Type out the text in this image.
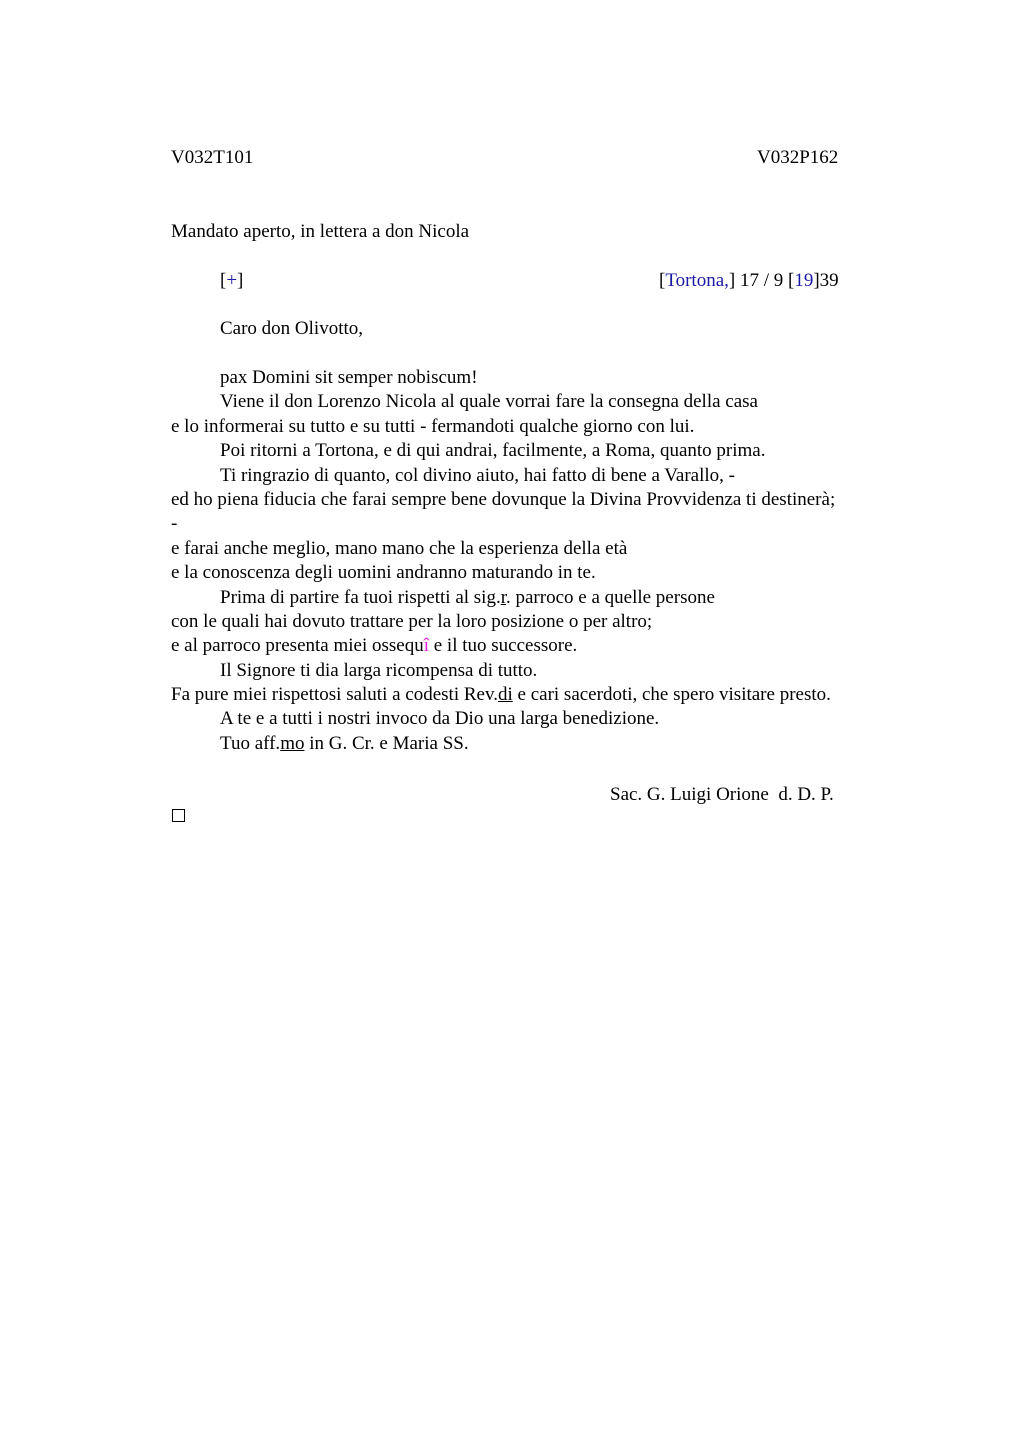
V032T101	V032P162
Mandato aperto, in lettera a don Nicola
[+]	[Tortona,] 17 / 9 [19]39
Caro don Olivotto,
pax Domini sit semper nobiscum!
Viene il don Lorenzo Nicola al quale vorrai fare la consegna della casa
e lo informerai su tutto e su tutti - fermandoti qualche giorno con lui.
Poi ritorni a Tortona, e di qui andrai, facilmente, a Roma, quanto prima.
Ti ringrazio di quanto, col divino aiuto, hai fatto di bene a Varallo, -
ed ho piena fiducia che farai sempre bene dovunque la Divina Provvidenza ti destinerà;
-
e farai anche meglio, mano mano che la esperienza della età
e la conoscenza degli uomini andranno maturando in te.
Prima di partire fa tuoi rispetti al sig.r. parroco e a quelle persone
con le quali hai dovuto trattare per la loro posizione o per altro;
e al parroco presenta miei ossequî e il tuo successore.
Il Signore ti dia larga ricompensa di tutto.
Fa pure miei rispettosi saluti a codesti Rev.di e cari sacerdoti, che spero visitare presto.
A te e a tutti i nostri invoco da Dio una larga benedizione.
Tuo aff.mo in G. Cr. e Maria SS.
Sac. G. Luigi Orione  d. D. P.
